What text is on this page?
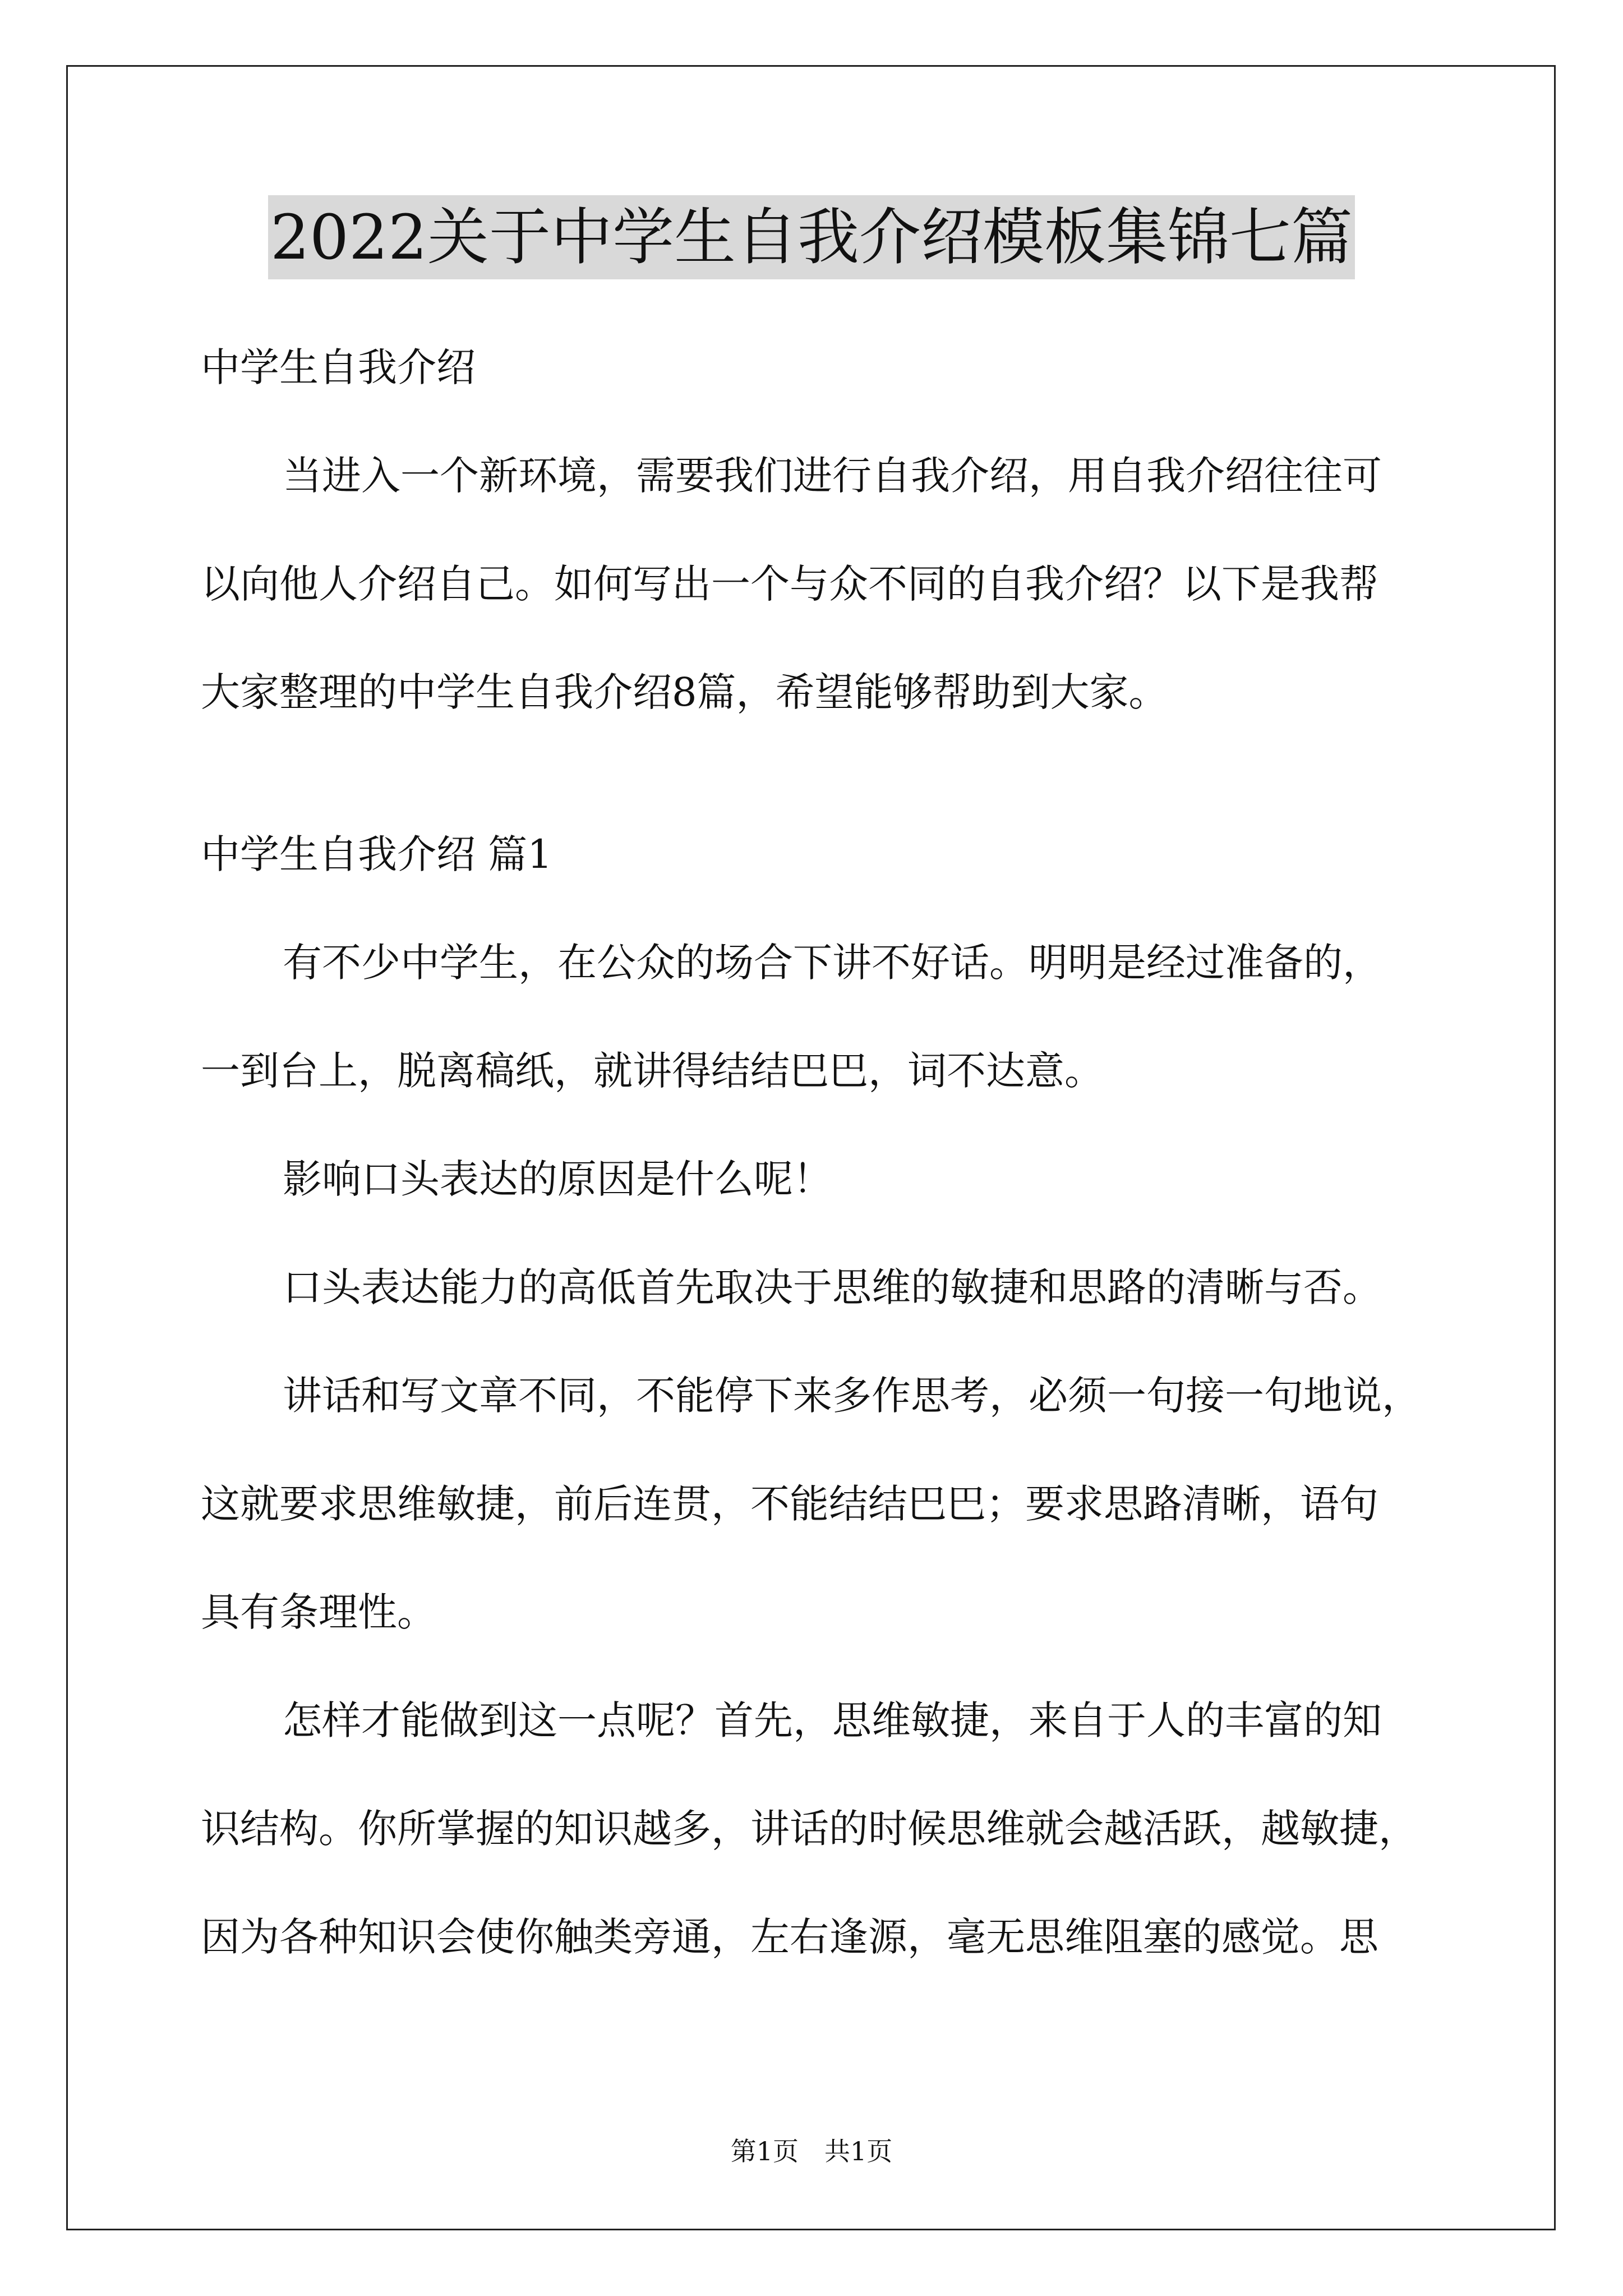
2022关于中学生自我介绍模板集锦七篇
中学生自我介绍
当进入一个新环境，需要我们进行自我介绍，用自我介绍往往可
以向他人介绍自己。如何写出一个与众不同的自我介绍？以下是我帮
大家整理的中学生自我介绍8篇，希望能够帮助到大家。
中学生自我介绍 篇1
有不少中学生，在公众的场合下讲不好话。明明是经过准备的，
一到台上，脱离稿纸，就讲得结结巴巴，词不达意。
影响口头表达的原因是什么呢！
口头表达能力的高低首先取决于思维的敏捷和思路的清晰与否。
讲话和写文章不同，不能停下来多作思考，必须一句接一句地说，
这就要求思维敏捷，前后连贯，不能结结巴巴；要求思路清晰，语句
具有条理性。
怎样才能做到这一点呢？首先，思维敏捷，来自于人的丰富的知
识结构。你所掌握的知识越多，讲话的时候思维就会越活跃，越敏捷，
因为各种知识会使你触类旁通，左右逢源，毫无思维阻塞的感觉。思
第1页　共1页
